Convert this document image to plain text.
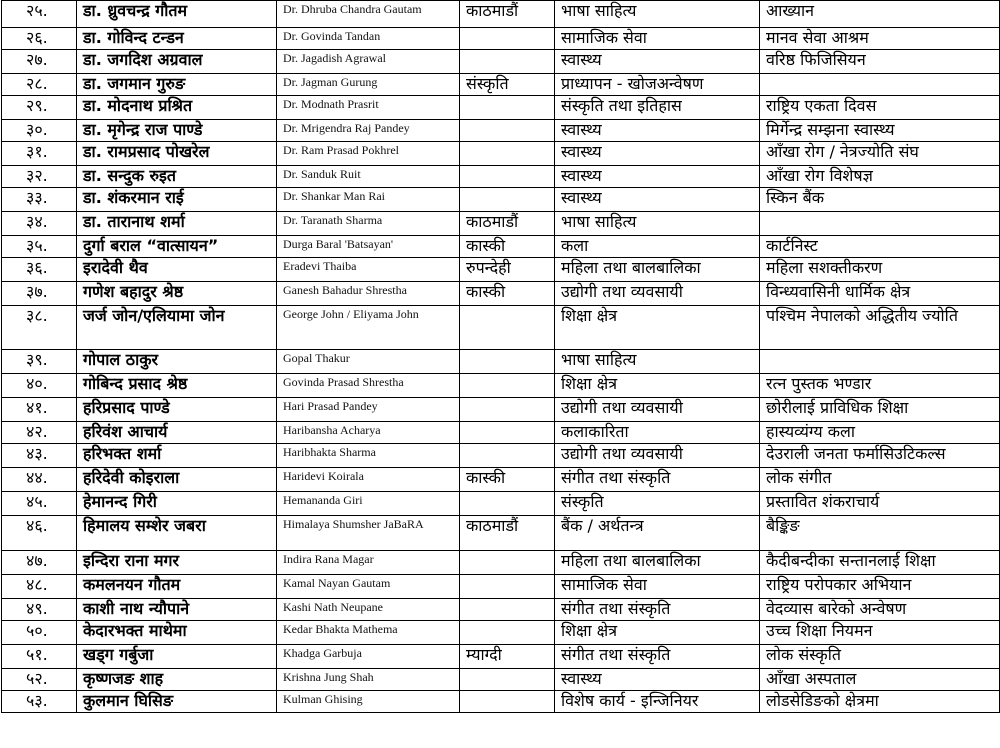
२५.	डा. ध्रुवचन्द्र गौतम	Dr. Dhruba Chandra Gautam	काठमाडौं	भाषा साहित्य	आख्यान
२६.	डा. गोविन्द टन्डन	Dr. Govinda Tandan		सामाजिक सेवा	मानव सेवा आश्रम
२७.	डा. जगदिश अग्रवाल	Dr. Jagadish Agrawal		स्वास्थ्य	वरिष्ठ फिजिसियन
२८.	डा. जगमान गुरुङ	Dr. Jagman Gurung	संस्कृति	प्राध्यापन - खोजअन्वेषण	
२९.	डा. मोदनाथ प्रश्रित	Dr. Modnath Prasrit		संस्कृति तथा इतिहास	राष्ट्रिय एकता दिवस
३०.	डा. मृगेन्द्र राज पाण्डे	Dr. Mrigendra Raj Pandey		स्वास्थ्य	मिर्गेन्द्र सम्झना स्वास्थ्य
३१.	डा. रामप्रसाद पोखरेल	Dr. Ram Prasad Pokhrel		स्वास्थ्य	आँखा रोग / नेत्रज्योति संघ
३२.	डा. सन्दुक रुइत	Dr. Sanduk Ruit		स्वास्थ्य	आँखा रोग विशेषज्ञ
३३.	डा. शंकरमान राई	Dr. Shankar Man Rai		स्वास्थ्य	स्किन बैंक
३४.	डा. तारानाथ शर्मा	Dr. Taranath Sharma	काठमाडौं	भाषा साहित्य	
३५.	दुर्गा बराल “वात्सायन”	Durga Baral 'Batsayan'	कास्की	कला	कार्टनिस्ट
३६.	इरादेवी थैव	Eradevi Thaiba	रुपन्देही	महिला तथा बालबालिका	महिला सशक्तीकरण
३७.	गणेश बहादुर श्रेष्ठ	Ganesh Bahadur Shrestha	कास्की	उद्योगी तथा व्यवसायी	विन्ध्यवासिनी धार्मिक क्षेत्र
३८.	जर्ज जोन/एलियामा जोन	George John / Eliyama John		शिक्षा क्षेत्र	पश्चिम नेपालको अद्धितीय ज्योति
३९.	गोपाल ठाकुर	Gopal Thakur		भाषा साहित्य	
४०.	गोबिन्द प्रसाद श्रेष्ठ	Govinda Prasad Shrestha		शिक्षा क्षेत्र	रत्न पुस्तक भण्डार
४१.	हरिप्रसाद पाण्डे	Hari Prasad Pandey		उद्योगी तथा व्यवसायी	छोरीलाई प्राविधिक शिक्षा
४२.	हरिवंश आचार्य	Haribansha Acharya		कलाकारिता	हास्यव्यंग्य कला
४३.	हरिभक्त शर्मा	Haribhakta Sharma		उद्योगी तथा व्यवसायी	देउराली जनता फर्मासिउटिकल्स
४४.	हरिदेवी कोइराला	Haridevi Koirala	कास्की	संगीत तथा संस्कृति	लोक संगीत
४५.	हेमानन्द गिरी	Hemananda Giri		संस्कृति	प्रस्तावित शंकराचार्य
४६.	हिमालय सम्शेर जबरा	Himalaya Shumsher JaBaRA	काठमाडौं	बैंक / अर्थतन्त्र	बैङ्किङ
४७.	इन्दिरा राना मगर	Indira Rana Magar		महिला तथा बालबालिका	कैदीबन्दीका सन्तानलाई शिक्षा
४८.	कमलनयन गौतम	Kamal Nayan Gautam		सामाजिक सेवा	राष्ट्रिय परोपकार अभियान
४९.	काशी नाथ न्यौपाने	Kashi Nath Neupane		संगीत तथा संस्कृति	वेदव्यास बारेको अन्वेषण
५०.	केदारभक्त माथेमा	Kedar Bhakta Mathema		शिक्षा क्षेत्र	उच्च शिक्षा नियमन
५१.	खड्ग गर्बुजा	Khadga Garbuja	म्याग्दी	संगीत तथा संस्कृति	लोक संस्कृति
५२.	कृष्णजङ शाह	Krishna Jung Shah		स्वास्थ्य	आँखा अस्पताल
५३.	कुलमान घिसिङ	Kulman Ghising		विशेष कार्य - इन्जिनियर	लोडसेडिङको क्षेत्रमा
